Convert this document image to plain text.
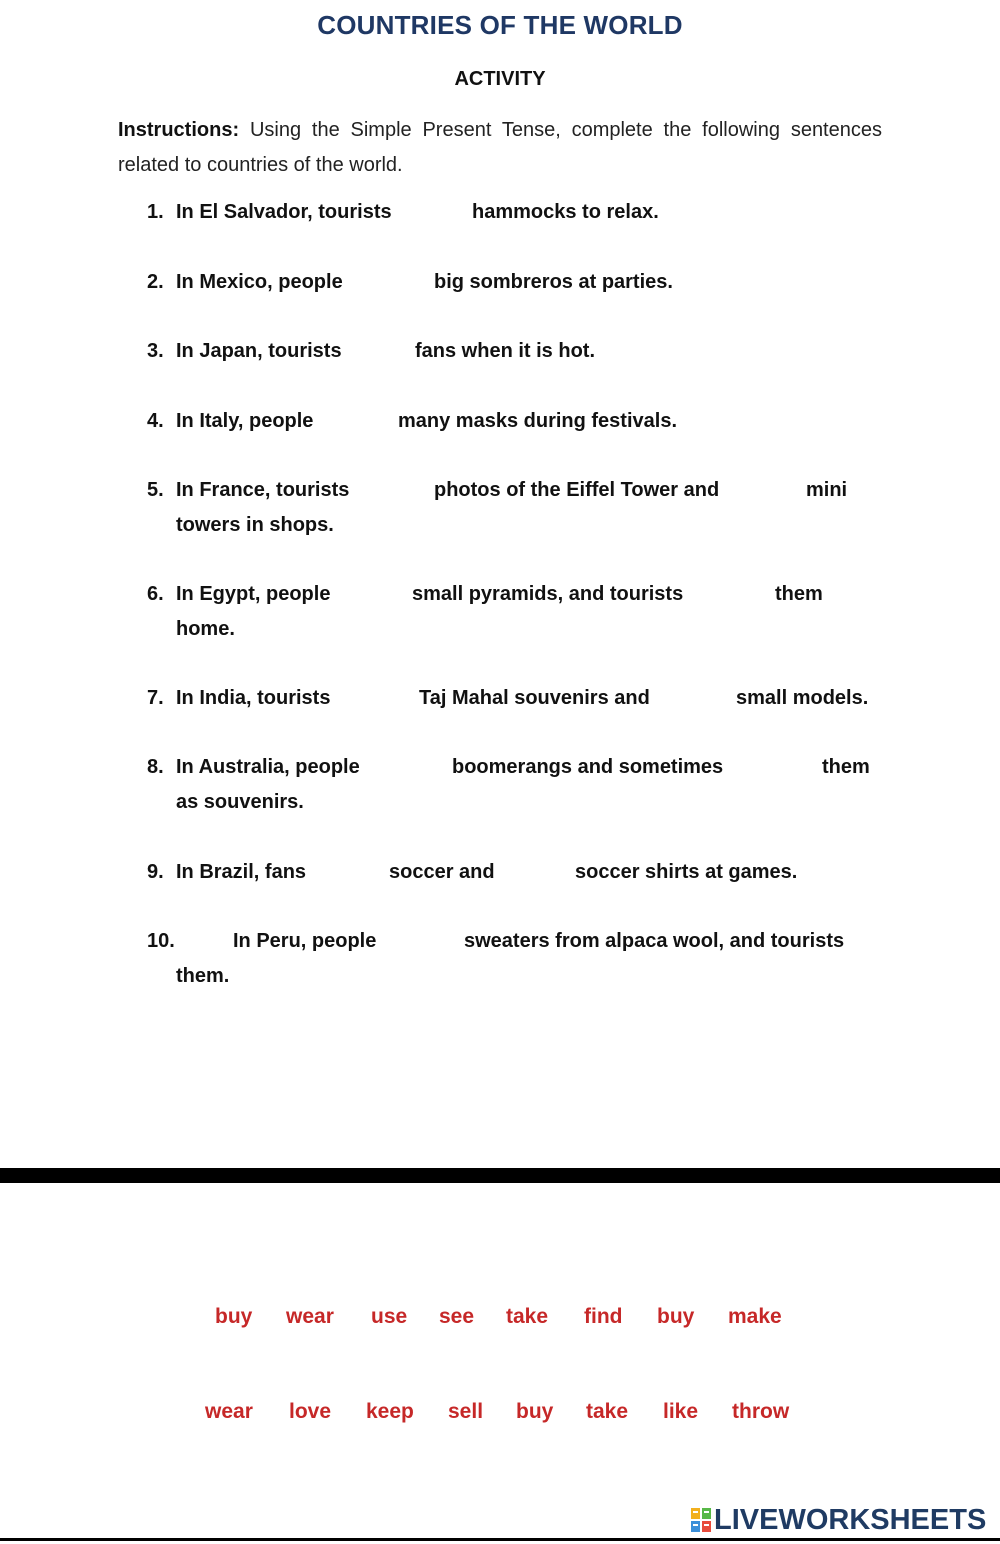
COUNTRIES OF THE WORLD
ACTIVITY
Instructions: Using the Simple Present Tense, complete the following sentences related to countries of the world.
1. In El Salvador, tourists	hammocks to relax.
2. In Mexico, people	big sombreros at parties.
3. In Japan, tourists	fans when it is hot.
4. In Italy, people	many masks during festivals.
5. In France, tourists	photos of the Eiffel Tower and	mini
towers in shops.
6. In Egypt, people	small pyramids, and tourists	them
home.
7. In India, tourists	Taj Mahal souvenirs and	small models.
8. In Australia, people	boomerangs and sometimes	them
as souvenirs.
9. In Brazil, fans	soccer and	soccer shirts at games.
10.	In Peru, people	sweaters from alpaca wool, and tourists
them.
buy wear use see take find buy make
wear love keep sell buy take like throw
LIVEWORKSHEETS
